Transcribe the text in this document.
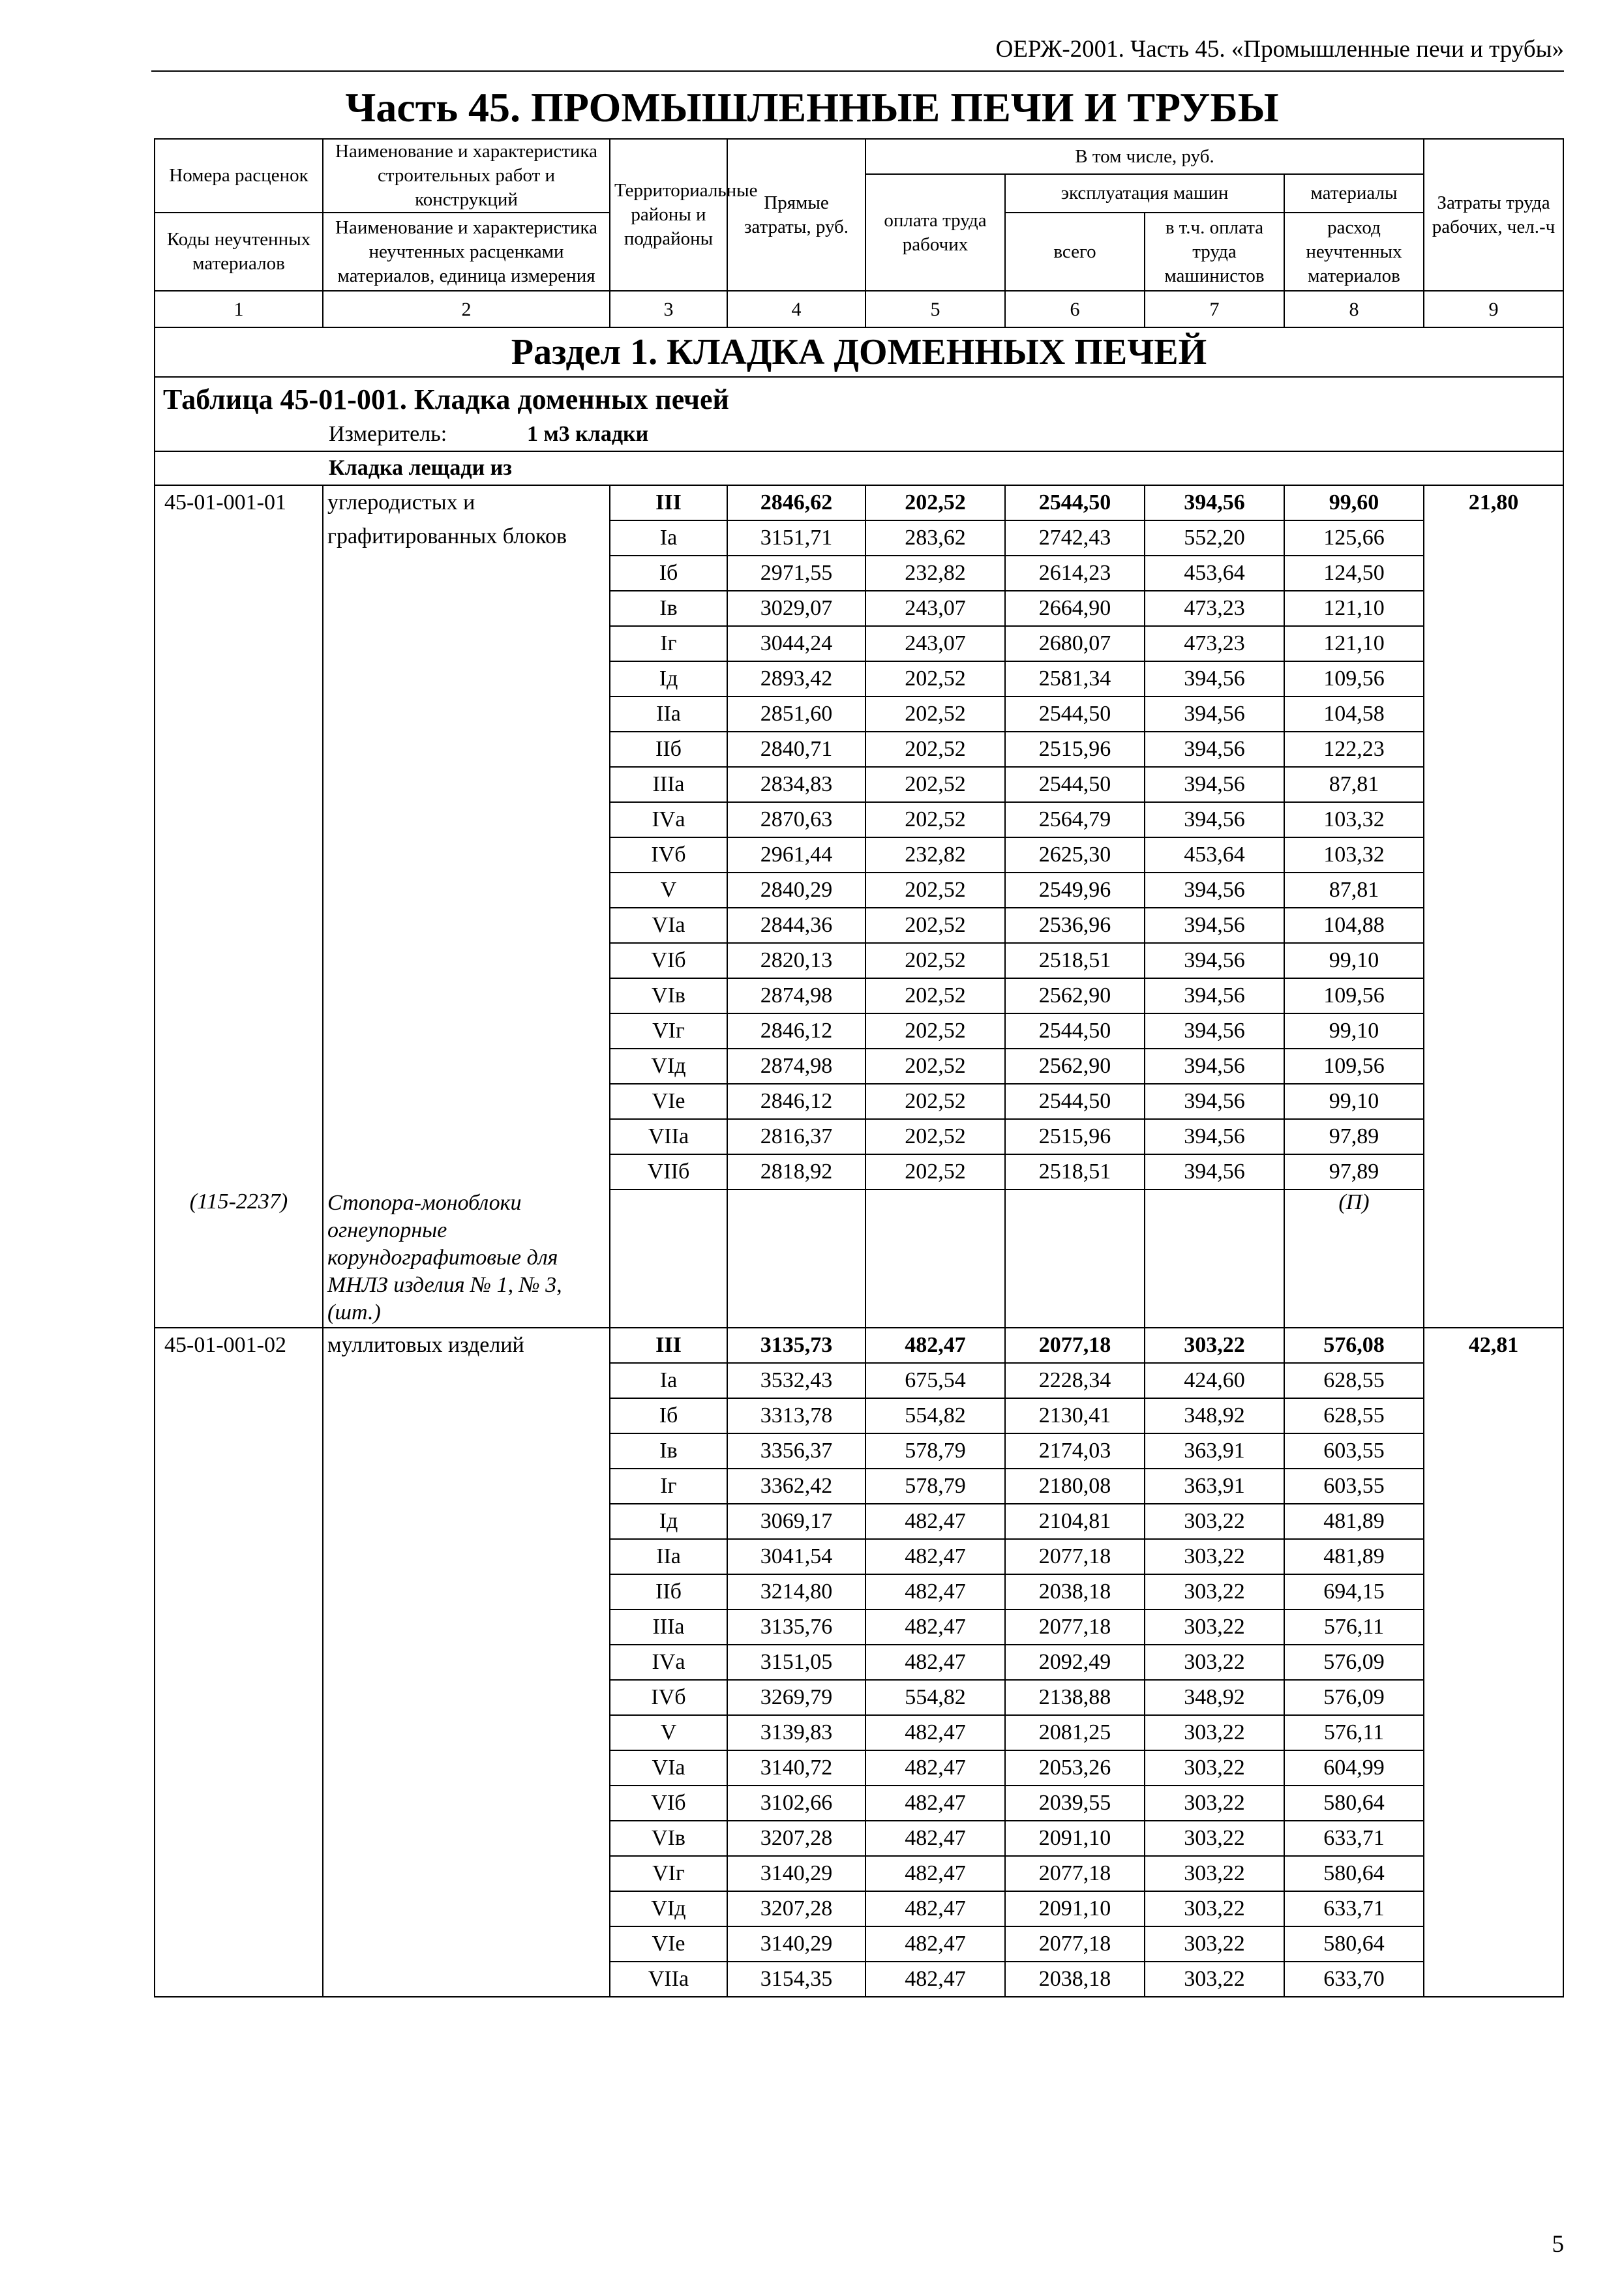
ОЕРЖ-2001. Часть 45. «Промышленные печи и трубы»
Часть 45. ПРОМЫШЛЕННЫЕ ПЕЧИ И ТРУБЫ
Номера расценок	Наименование и характеристика строительных работ и конструкций	Территориальные районы и подрайоны	Прямые затраты, руб.	В том числе, руб.				Затраты труда рабочих, чел.-ч
				оплата труда рабочих	эксплуатация машин		материалы	
Коды неучтенных материалов	Наименование и характеристика неучтенных расценками материалов, единица измерения							
					всего	в т.ч. оплата труда машинистов	расход неучтенных материалов	
1	2	3	4	5	6	7	8	9
Раздел 1. КЛАДКА ДОМЕННЫХ ПЕЧЕЙ								

Таблица 45-01-001. Кладка доменных печей
Измеритель: 1 м3 кладки								

Кладка лещади из								
45-01-001-01	углеродистых и графитированных блоков	III	2846,62	202,52	2544,50	394,56	99,60	21,80
		Iа	3151,71	283,62	2742,43	552,20	125,66	
		Iб	2971,55	232,82	2614,23	453,64	124,50	
		Iв	3029,07	243,07	2664,90	473,23	121,10	
		Iг	3044,24	243,07	2680,07	473,23	121,10	
		Iд	2893,42	202,52	2581,34	394,56	109,56	
		IIа	2851,60	202,52	2544,50	394,56	104,58	
		IIб	2840,71	202,52	2515,96	394,56	122,23	
		IIIа	2834,83	202,52	2544,50	394,56	87,81	
		IVа	2870,63	202,52	2564,79	394,56	103,32	
		IVб	2961,44	232,82	2625,30	453,64	103,32	
		V	2840,29	202,52	2549,96	394,56	87,81	
		VIа	2844,36	202,52	2536,96	394,56	104,88	
		VIб	2820,13	202,52	2518,51	394,56	99,10	
		VIв	2874,98	202,52	2562,90	394,56	109,56	
		VIг	2846,12	202,52	2544,50	394,56	99,10	
		VIд	2874,98	202,52	2562,90	394,56	109,56	
		VIе	2846,12	202,52	2544,50	394,56	99,10	
		VIIа	2816,37	202,52	2515,96	394,56	97,89	
		VIIб	2818,92	202,52	2518,51	394,56	97,89	
(115-2237)	Стопора-моноблоки огнеупорные корундографитовые для МНЛЗ изделия № 1, № 3, (шт.)						(П)	
45-01-001-02	муллитовых изделий	III	3135,73	482,47	2077,18	303,22	576,08	42,81
		Iа	3532,43	675,54	2228,34	424,60	628,55	
		Iб	3313,78	554,82	2130,41	348,92	628,55	
		Iв	3356,37	578,79	2174,03	363,91	603,55	
		Iг	3362,42	578,79	2180,08	363,91	603,55	
		Iд	3069,17	482,47	2104,81	303,22	481,89	
		IIа	3041,54	482,47	2077,18	303,22	481,89	
		IIб	3214,80	482,47	2038,18	303,22	694,15	
		IIIа	3135,76	482,47	2077,18	303,22	576,11	
		IVа	3151,05	482,47	2092,49	303,22	576,09	
		IVб	3269,79	554,82	2138,88	348,92	576,09	
		V	3139,83	482,47	2081,25	303,22	576,11	
		VIа	3140,72	482,47	2053,26	303,22	604,99	
		VIб	3102,66	482,47	2039,55	303,22	580,64	
		VIв	3207,28	482,47	2091,10	303,22	633,71	
		VIг	3140,29	482,47	2077,18	303,22	580,64	
		VIд	3207,28	482,47	2091,10	303,22	633,71	
		VIе	3140,29	482,47	2077,18	303,22	580,64	
		VIIа	3154,35	482,47	2038,18	303,22	633,70	
5
